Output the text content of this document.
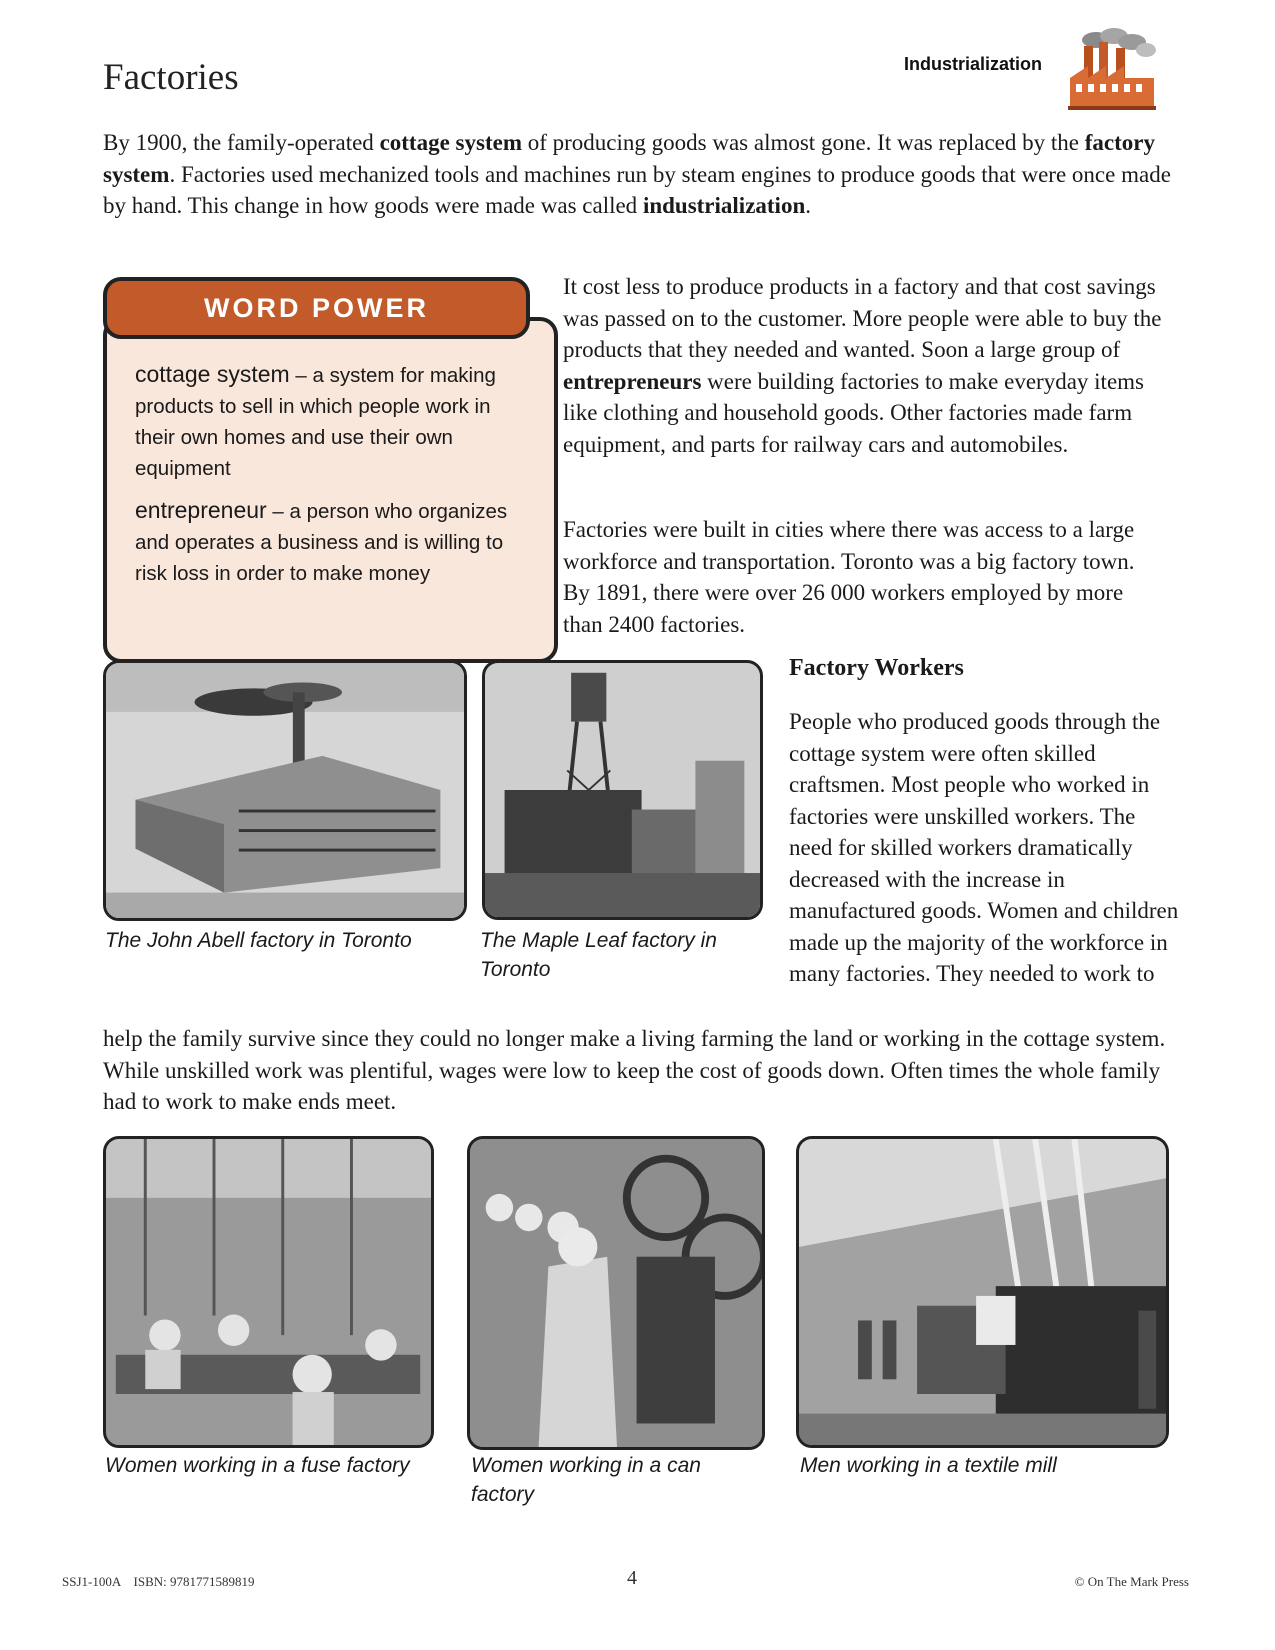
Factories	Industrialization

By 1900, the family-operated cottage system of producing goods was almost gone. It was replaced by the factory system. Factories used mechanized tools and machines run by steam engines to produce goods that were once made by hand. This change in how goods were made was called industrialization.

WORD POWER

cottage system – a system for making products to sell in which people work in their own homes and use their own equipment

entrepreneur – a person who organizes and operates a business and is willing to risk loss in order to make money

It cost less to produce products in a factory and that cost savings was passed on to the customer. More people were able to buy the products that they needed and wanted. Soon a large group of entrepreneurs were building factories to make everyday items like clothing and household goods. Other factories made farm equipment, and parts for railway cars and automobiles.

Factories were built in cities where there was access to a large workforce and transportation. Toronto was a big factory town. By 1891, there were over 26 000 workers employed by more than 2400 factories.

Factory Workers

People who produced goods through the cottage system were often skilled craftsmen. Most people who worked in factories were unskilled workers. The need for skilled workers dramatically decreased with the increase in manufactured goods. Women and children made up the majority of the workforce in many factories. They needed to work to

help the family survive since they could no longer make a living farming the land or working in the cottage system. While unskilled work was plentiful, wages were low to keep the cost of goods down. Often times the whole family had to work to make ends meet.

The John Abell factory in Toronto	The Maple Leaf factory in Toronto

Women working in a fuse factory	Women working in a can factory

Men working in a textile mill

SSJ1-100A    ISBN: 9781771589819	4	© On The Mark Press
